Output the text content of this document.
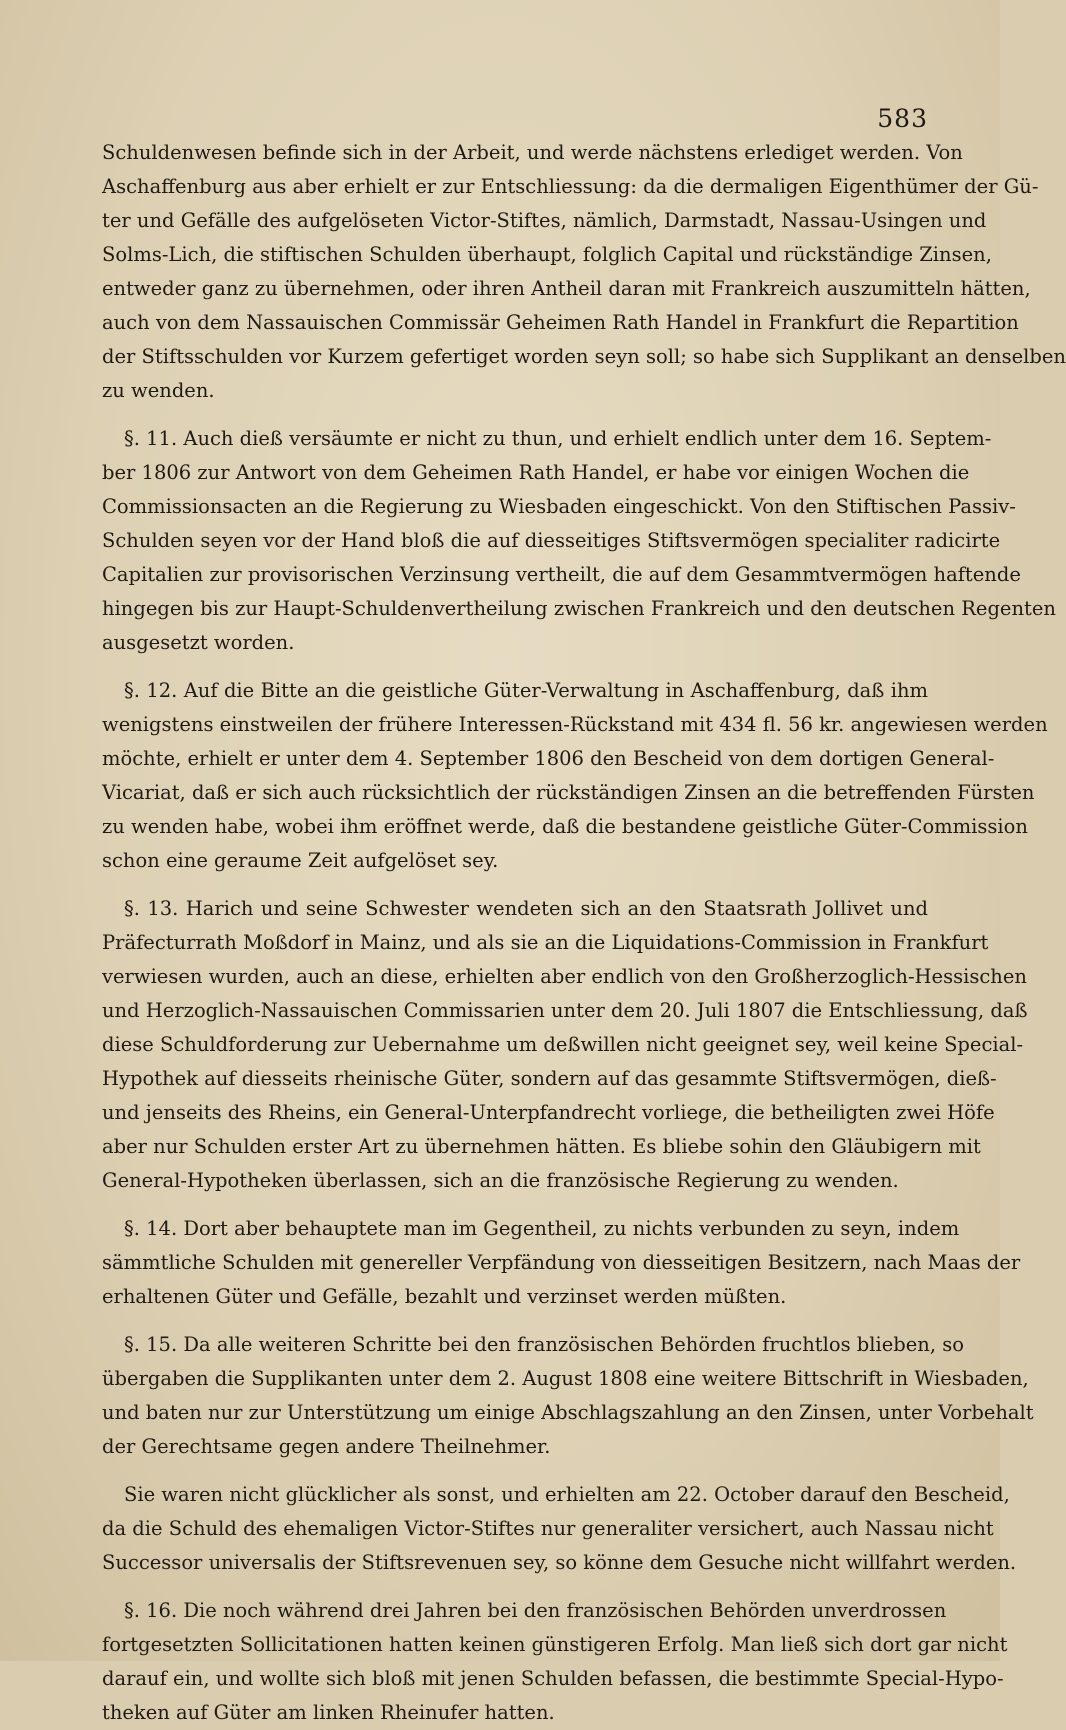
583
Schuldenwesen befinde sich in der Arbeit, und werde nächstens erlediget werden. Von
Aschaffenburg aus aber erhielt er zur Entschliessung: da die dermaligen Eigenthümer der Gü-
ter und Gefälle des aufgelöseten Victor-Stiftes, nämlich, Darmstadt, Nassau-Usingen und
Solms-Lich, die stiftischen Schulden überhaupt, folglich Capital und rückständige Zinsen,
entweder ganz zu übernehmen, oder ihren Antheil daran mit Frankreich auszumitteln hätten,
auch von dem Nassauischen Commissär Geheimen Rath Handel in Frankfurt die Repartition
der Stiftsschulden vor Kurzem gefertiget worden seyn soll; so habe sich Supplikant an denselben
zu wenden.
§. 11. Auch dieß versäumte er nicht zu thun, und erhielt endlich unter dem 16. Septem-
ber 1806 zur Antwort von dem Geheimen Rath Handel, er habe vor einigen Wochen die
Commissionsacten an die Regierung zu Wiesbaden eingeschickt. Von den Stiftischen Passiv-
Schulden seyen vor der Hand bloß die auf diesseitiges Stiftsvermögen specialiter radicirte
Capitalien zur provisorischen Verzinsung vertheilt, die auf dem Gesammtvermögen haftende
hingegen bis zur Haupt-Schuldenvertheilung zwischen Frankreich und den deutschen Regenten
ausgesetzt worden.
§. 12. Auf die Bitte an die geistliche Güter-Verwaltung in Aschaffenburg, daß ihm
wenigstens einstweilen der frühere Interessen-Rückstand mit 434 fl. 56 kr. angewiesen werden
möchte, erhielt er unter dem 4. September 1806 den Bescheid von dem dortigen General-
Vicariat, daß er sich auch rücksichtlich der rückständigen Zinsen an die betreffenden Fürsten
zu wenden habe, wobei ihm eröffnet werde, daß die bestandene geistliche Güter-Commission
schon eine geraume Zeit aufgelöset sey.
§. 13. Harich und seine Schwester wendeten sich an den Staatsrath Jollivet und
Präfecturrath Moßdorf in Mainz, und als sie an die Liquidations-Commission in Frankfurt
verwiesen wurden, auch an diese, erhielten aber endlich von den Großherzoglich-Hessischen
und Herzoglich-Nassauischen Commissarien unter dem 20. Juli 1807 die Entschliessung, daß
diese Schuldforderung zur Uebernahme um deßwillen nicht geeignet sey, weil keine Special-
Hypothek auf diesseits rheinische Güter, sondern auf das gesammte Stiftsvermögen, dieß-
und jenseits des Rheins, ein General-Unterpfandrecht vorliege, die betheiligten zwei Höfe
aber nur Schulden erster Art zu übernehmen hätten. Es bliebe sohin den Gläubigern mit
General-Hypotheken überlassen, sich an die französische Regierung zu wenden.
§. 14. Dort aber behauptete man im Gegentheil, zu nichts verbunden zu seyn, indem
sämmtliche Schulden mit genereller Verpfändung von diesseitigen Besitzern, nach Maas der
erhaltenen Güter und Gefälle, bezahlt und verzinset werden müßten.
§. 15. Da alle weiteren Schritte bei den französischen Behörden fruchtlos blieben, so
übergaben die Supplikanten unter dem 2. August 1808 eine weitere Bittschrift in Wiesbaden,
und baten nur zur Unterstützung um einige Abschlagszahlung an den Zinsen, unter Vorbehalt
der Gerechtsame gegen andere Theilnehmer.
Sie waren nicht glücklicher als sonst, und erhielten am 22. October darauf den Bescheid,
da die Schuld des ehemaligen Victor-Stiftes nur generaliter versichert, auch Nassau nicht
Successor universalis der Stiftsrevenuen sey, so könne dem Gesuche nicht willfahrt werden.
§. 16. Die noch während drei Jahren bei den französischen Behörden unverdrossen
fortgesetzten Sollicitationen hatten keinen günstigeren Erfolg. Man ließ sich dort gar nicht
darauf ein, und wollte sich bloß mit jenen Schulden befassen, die bestimmte Special-Hypo-
theken auf Güter am linken Rheinufer hatten.
